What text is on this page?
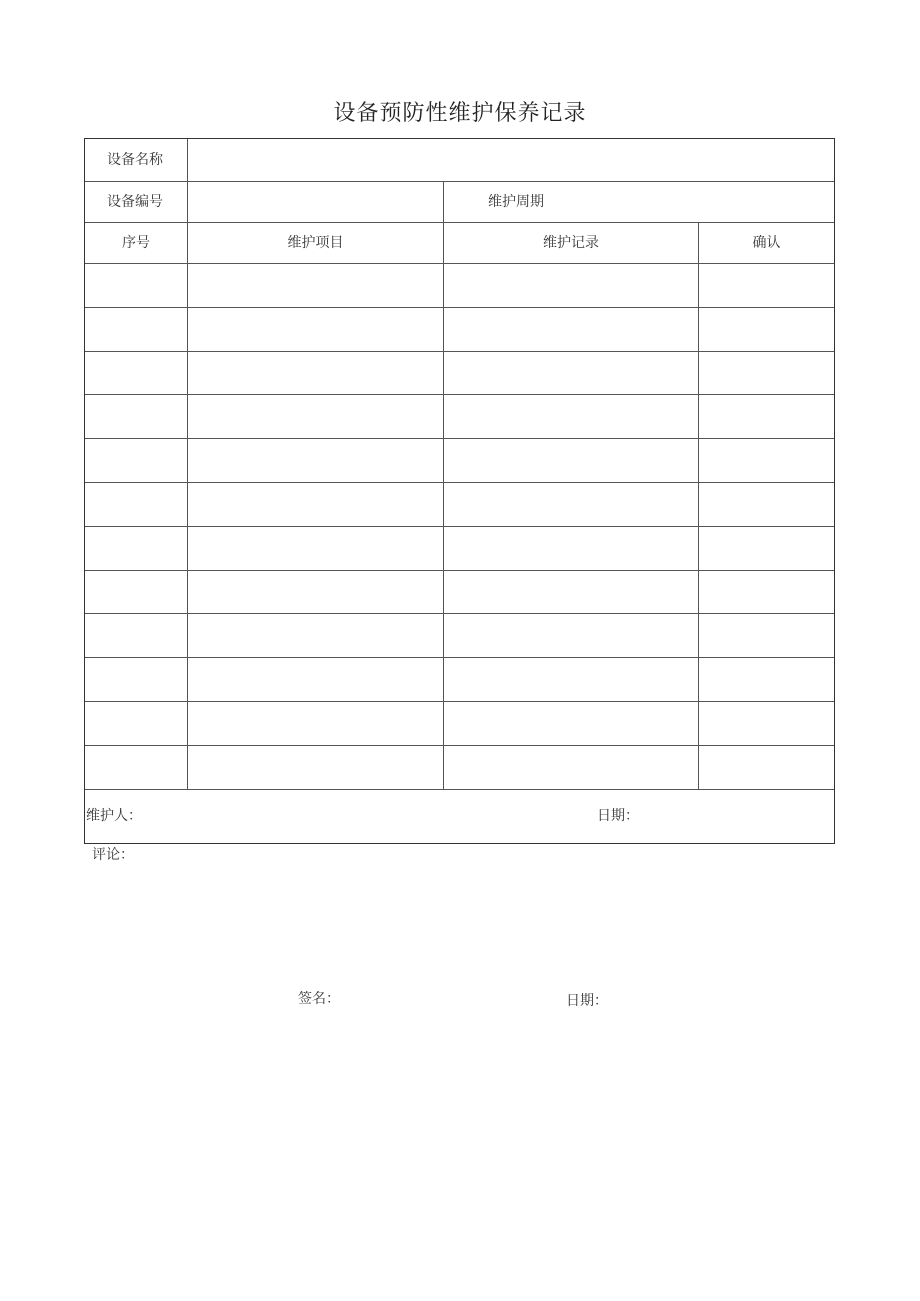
设备预防性维护保养记录
设备名称
设备编号	维护周期
序号	维护项目	维护记录	确认
维护人：	日期：
评论：
签名：	日期：
